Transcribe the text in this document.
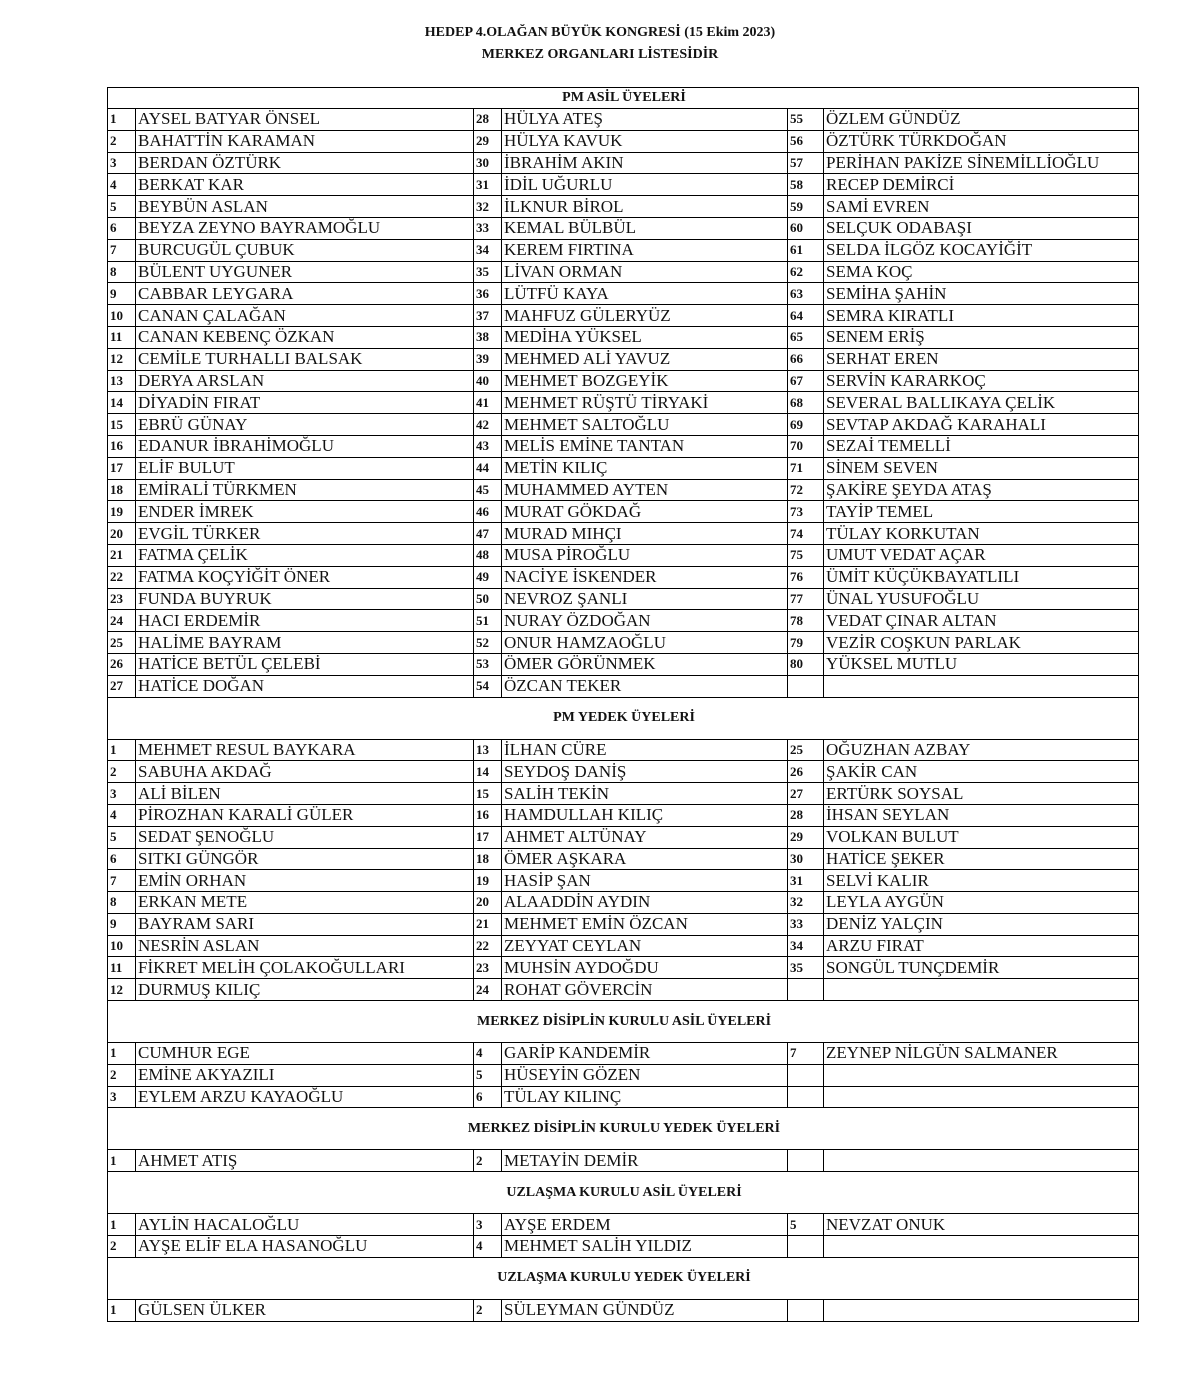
HEDEP 4.OLAĞAN BÜYÜK KONGRESİ (15 Ekim 2023)
MERKEZ ORGANLARI LİSTESİDİR
PM ASİL ÜYELERİ					
1	AYSEL BATYAR ÖNSEL	28	HÜLYA ATEŞ	55	ÖZLEM GÜNDÜZ
2	BAHATTİN KARAMAN	29	HÜLYA KAVUK	56	ÖZTÜRK TÜRKDOĞAN
3	BERDAN ÖZTÜRK	30	İBRAHİM AKIN	57	PERİHAN PAKİZE SİNEMİLLİOĞLU
4	BERKAT KAR	31	İDİL UĞURLU	58	RECEP DEMİRCİ
5	BEYBÜN ASLAN	32	İLKNUR BİROL	59	SAMİ EVREN
6	BEYZA ZEYNO BAYRAMOĞLU	33	KEMAL BÜLBÜL	60	SELÇUK ODABAŞI
7	BURCUGÜL ÇUBUK	34	KEREM FIRTINA	61	SELDA İLGÖZ KOCAYİĞİT
8	BÜLENT UYGUNER	35	LİVAN ORMAN	62	SEMA KOÇ
9	CABBAR LEYGARA	36	LÜTFÜ KAYA	63	SEMİHA ŞAHİN
10	CANAN ÇALAĞAN	37	MAHFUZ GÜLERYÜZ	64	SEMRA KIRATLI
11	CANAN KEBENÇ ÖZKAN	38	MEDİHA YÜKSEL	65	SENEM ERİŞ
12	CEMİLE TURHALLI BALSAK	39	MEHMED ALİ YAVUZ	66	SERHAT EREN
13	DERYA ARSLAN	40	MEHMET BOZGEYİK	67	SERVİN KARARKOÇ
14	DİYADİN FIRAT	41	MEHMET RÜŞTÜ TİRYAKİ	68	SEVERAL BALLIKAYA ÇELİK
15	EBRÜ GÜNAY	42	MEHMET SALTOĞLU	69	SEVTAP AKDAĞ KARAHALI
16	EDANUR İBRAHİMOĞLU	43	MELİS EMİNE TANTAN	70	SEZAİ TEMELLİ
17	ELİF BULUT	44	METİN KILIÇ	71	SİNEM SEVEN
18	EMİRALİ TÜRKMEN	45	MUHAMMED AYTEN	72	ŞAKİRE ŞEYDA ATAŞ
19	ENDER İMREK	46	MURAT GÖKDAĞ	73	TAYİP TEMEL
20	EVGİL TÜRKER	47	MURAD MIHÇI	74	TÜLAY KORKUTAN
21	FATMA ÇELİK	48	MUSA PİROĞLU	75	UMUT VEDAT AÇAR
22	FATMA KOÇYİĞİT ÖNER	49	NACİYE İSKENDER	76	ÜMİT KÜÇÜKBAYATLILI
23	FUNDA BUYRUK	50	NEVROZ ŞANLI	77	ÜNAL YUSUFOĞLU
24	HACI ERDEMİR	51	NURAY ÖZDOĞAN	78	VEDAT ÇINAR ALTAN
25	HALİME BAYRAM	52	ONUR HAMZAOĞLU	79	VEZİR COŞKUN PARLAK
26	HATİCE BETÜL ÇELEBİ	53	ÖMER GÖRÜNMEK	80	YÜKSEL MUTLU
27	HATİCE DOĞAN	54	ÖZCAN TEKER		
PM YEDEK ÜYELERİ					
1	MEHMET RESUL BAYKARA	13	İLHAN CÜRE	25	OĞUZHAN AZBAY
2	SABUHA AKDAĞ	14	SEYDOŞ DANİŞ	26	ŞAKİR CAN
3	ALİ BİLEN	15	SALİH TEKİN	27	ERTÜRK SOYSAL
4	PİROZHAN KARALİ GÜLER	16	HAMDULLAH KILIÇ	28	İHSAN SEYLAN
5	SEDAT ŞENOĞLU	17	AHMET ALTÜNAY	29	VOLKAN BULUT
6	SITKI GÜNGÖR	18	ÖMER AŞKARA	30	HATİCE ŞEKER
7	EMİN ORHAN	19	HASİP ŞAN	31	SELVİ KALIR
8	ERKAN METE	20	ALAADDİN AYDIN	32	LEYLA AYGÜN
9	BAYRAM SARI	21	MEHMET EMİN ÖZCAN	33	DENİZ YALÇIN
10	NESRİN ASLAN	22	ZEYYAT CEYLAN	34	ARZU FIRAT
11	FİKRET MELİH ÇOLAKOĞULLARI	23	MUHSİN AYDOĞDU	35	SONGÜL TUNÇDEMİR
12	DURMUŞ KILIÇ	24	ROHAT GÖVERCİN		
MERKEZ DİSİPLİN KURULU ASİL ÜYELERİ					
1	CUMHUR EGE	4	GARİP KANDEMİR	7	ZEYNEP NİLGÜN SALMANER
2	EMİNE AKYAZILI	5	HÜSEYİN GÖZEN		
3	EYLEM ARZU KAYAOĞLU	6	TÜLAY KILINÇ		
MERKEZ DİSİPLİN KURULU YEDEK ÜYELERİ					
1	AHMET ATIŞ	2	METAYİN DEMİR		
UZLAŞMA KURULU ASİL ÜYELERİ					
1	AYLİN HACALOĞLU	3	AYŞE ERDEM	5	NEVZAT ONUK
2	AYŞE ELİF ELA HASANOĞLU	4	MEHMET SALİH YILDIZ		
UZLAŞMA KURULU YEDEK ÜYELERİ					
1	GÜLSEN ÜLKER	2	SÜLEYMAN GÜNDÜZ		
